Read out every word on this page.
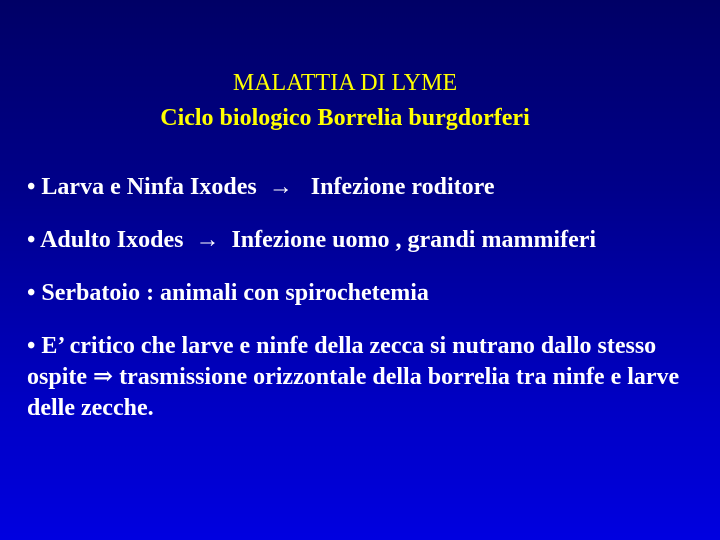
MALATTIA DI LYME
Ciclo biologico Borrelia burgdorferi
• Larva e Ninfa Ixodes  →   Infezione roditore
• Adulto Ixodes  →  Infezione uomo , grandi mammiferi
• Serbatoio : animali con spirochetemia
• E’ critico che larve e ninfe della zecca si nutrano dallo stesso ospite ⇒ trasmissione orizzontale della borrelia tra ninfe e larve delle zecche.
